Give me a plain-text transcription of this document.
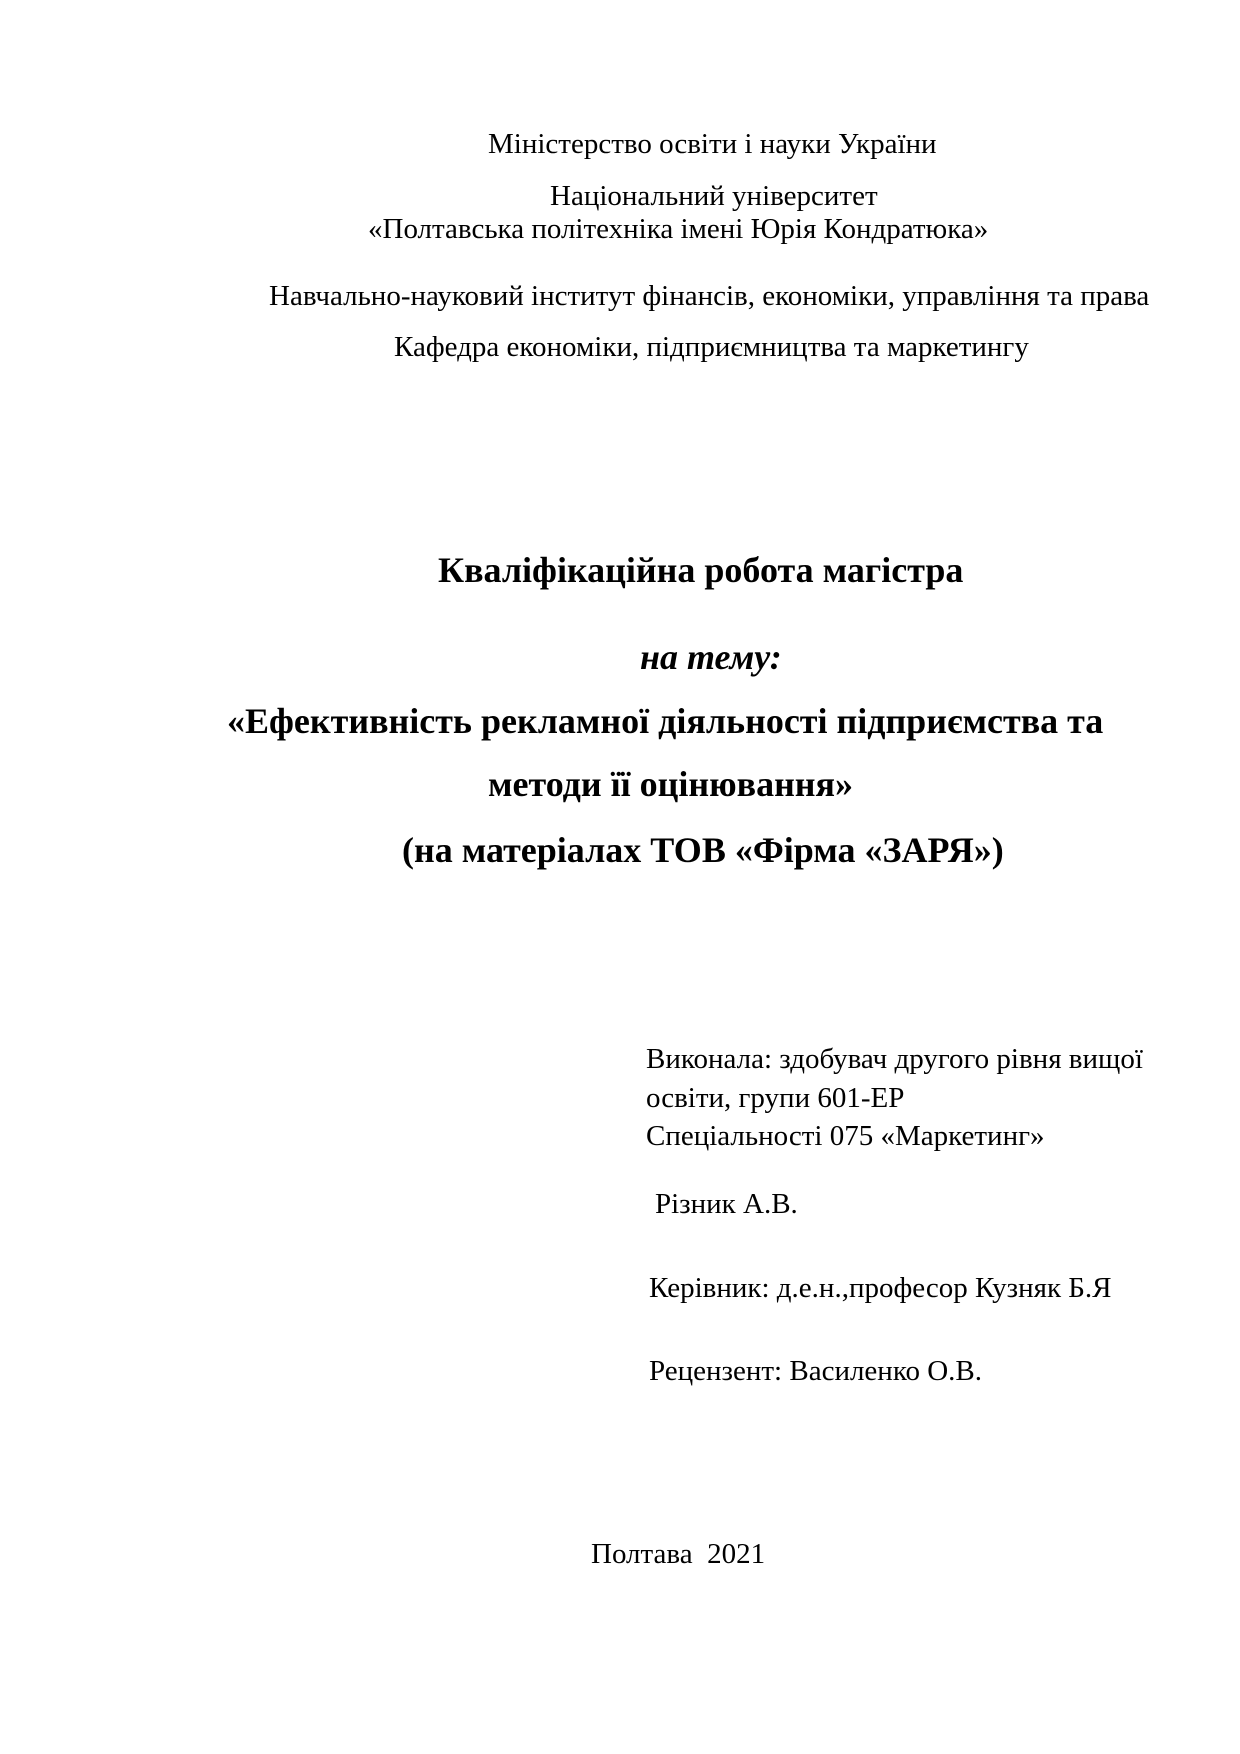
Міністерство освіти і науки України
Національний університет
«Полтавська політехніка імені Юрія Кондратюка»
Навчально-науковий інститут фінансів, економіки, управління та права
Кафедра економіки, підприємництва та маркетингу
Кваліфікаційна робота магістра
на тему:
«Ефективність рекламної діяльності підприємства та
методи її оцінювання»
(на матеріалах ТОВ «Фірма «ЗАРЯ»)
Виконала: здобувач другого рівня вищої
освіти, групи 601-ЕР
Спеціальності 075 «Маркетинг»
Різник А.В.
Керівник: д.е.н.,професор Кузняк Б.Я
Рецензент: Василенко О.В.
Полтава  2021
